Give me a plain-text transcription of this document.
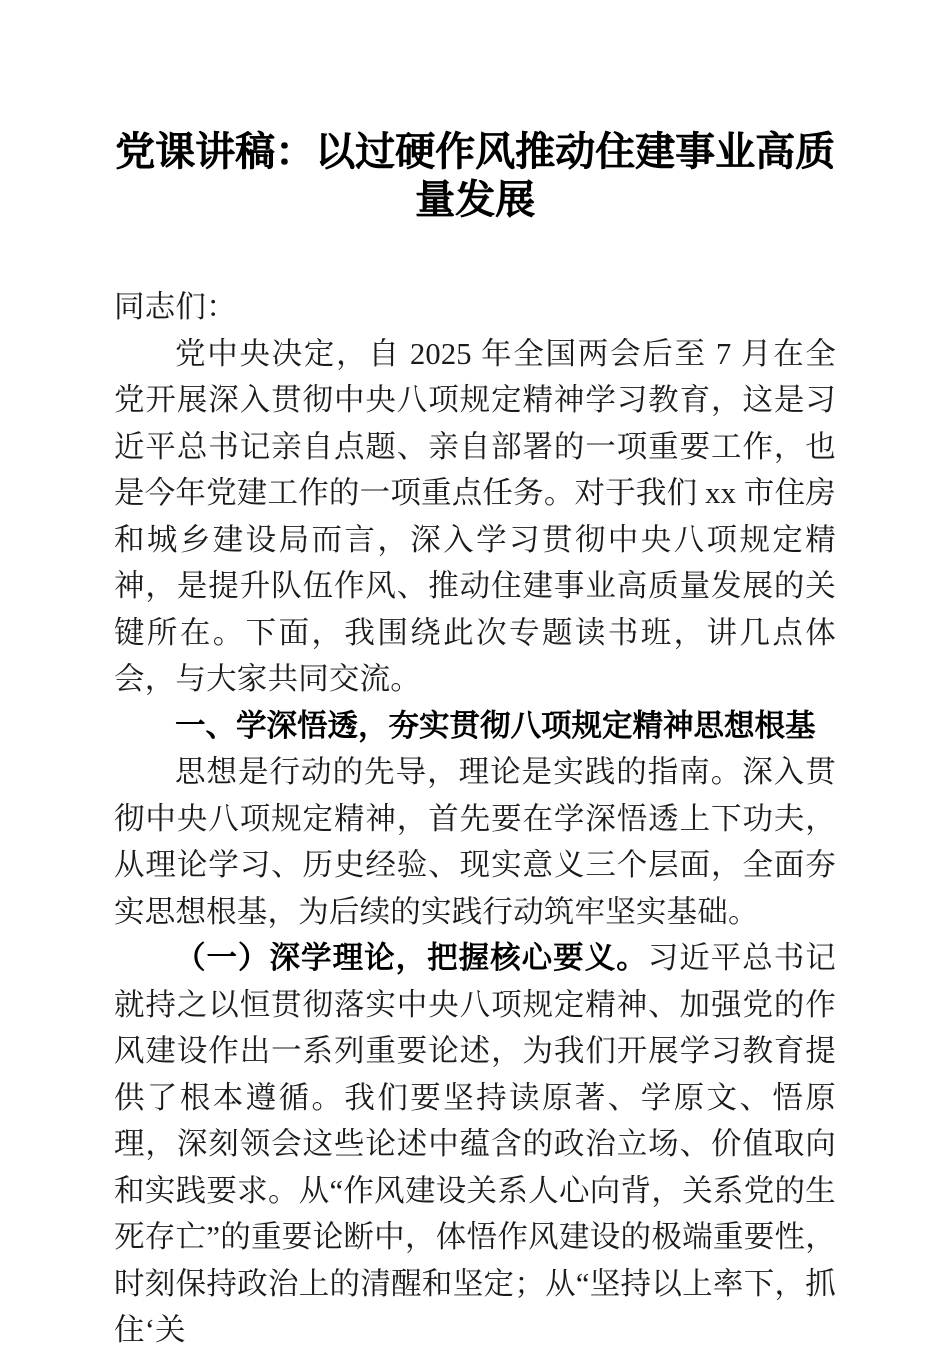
党课讲稿：以过硬作风推动住建事业高质量发展

同志们：

党中央决定，自 2025 年全国两会后至 7 月在全党开展深入贯彻中央八项规定精神学习教育，这是习近平总书记亲自点题、亲自部署的一项重要工作，也是今年党建工作的一项重点任务。对于我们 xx 市住房和城乡建设局而言，深入学习贯彻中央八项规定精神，是提升队伍作风、推动住建事业高质量发展的关键所在。下面，我围绕此次专题读书班，讲几点体会，与大家共同交流。

一、学深悟透，夯实贯彻八项规定精神思想根基

思想是行动的先导，理论是实践的指南。深入贯彻中央八项规定精神，首先要在学深悟透上下功夫，从理论学习、历史经验、现实意义三个层面，全面夯实思想根基，为后续的实践行动筑牢坚实基础。

（一）深学理论，把握核心要义。习近平总书记就持之以恒贯彻落实中央八项规定精神、加强党的作风建设作出一系列重要论述，为我们开展学习教育提供了根本遵循。我们要坚持读原著、学原文、悟原理，深刻领会这些论述中蕴含的政治立场、价值取向和实践要求。从“作风建设关系人心向背，关系党的生死存亡”的重要论断中，体悟作风建设的极端重要性，时刻保持政治上的清醒和坚定；从“坚持以上率下，抓住‘关
